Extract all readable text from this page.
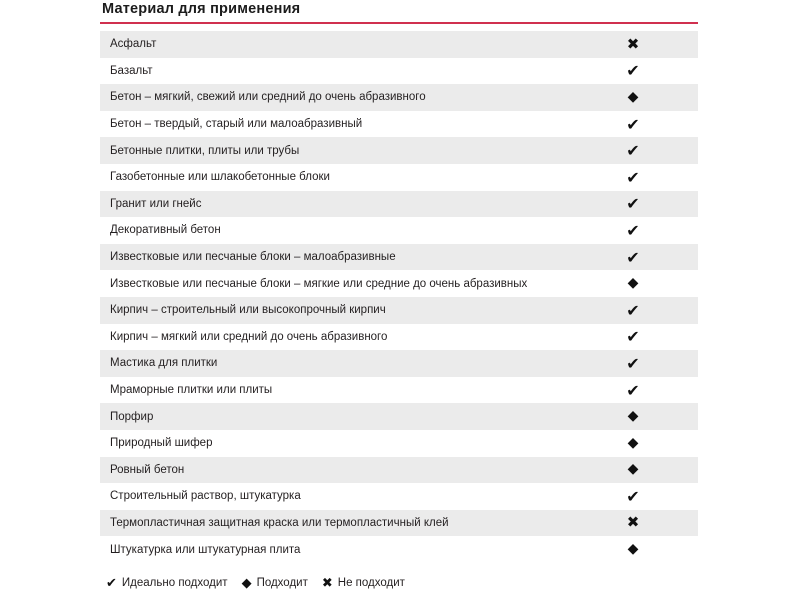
Материал для применения
Асфальт	✖
Базальт	✔
Бетон – мягкий, свежий или средний до очень абразивного	◆
Бетон – твердый, старый или малоабразивный	✔
Бетонные плитки, плиты или трубы	✔
Газобетонные или шлакобетонные блоки	✔
Гранит или гнейс	✔
Декоративный бетон	✔
Известковые или песчаные блоки – малоабразивные	✔
Известковые или песчаные блоки – мягкие или средние до очень абразивных	◆
Кирпич – строительный или высокопрочный кирпич	✔
Кирпич – мягкий или средний до очень абразивного	✔
Мастика для плитки	✔
Мраморные плитки или плиты	✔
Порфир	◆
Природный шифер	◆
Ровный бетон	◆
Строительный раствор, штукатурка	✔
Термопластичная защитная краска или термопластичный клей	✖
Штукатурка или штукатурная плита	◆
✔ Идеально подходит ◆ Подходит ✖ Не подходит
